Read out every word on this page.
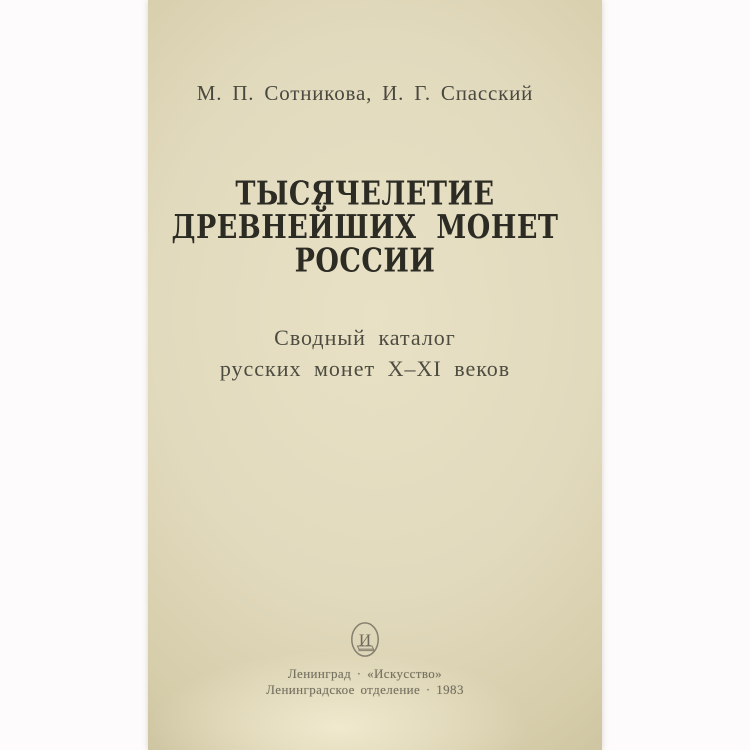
М. П. Сотникова, И. Г. Спасский
ТЫСЯЧЕЛЕТИЕ
ДРЕВНЕЙШИХ МОНЕТ
РОССИИ
Сводный каталог
русских монет X–XI веков
И
Ленинград · «Искусство»
Ленинградское отделение · 1983
